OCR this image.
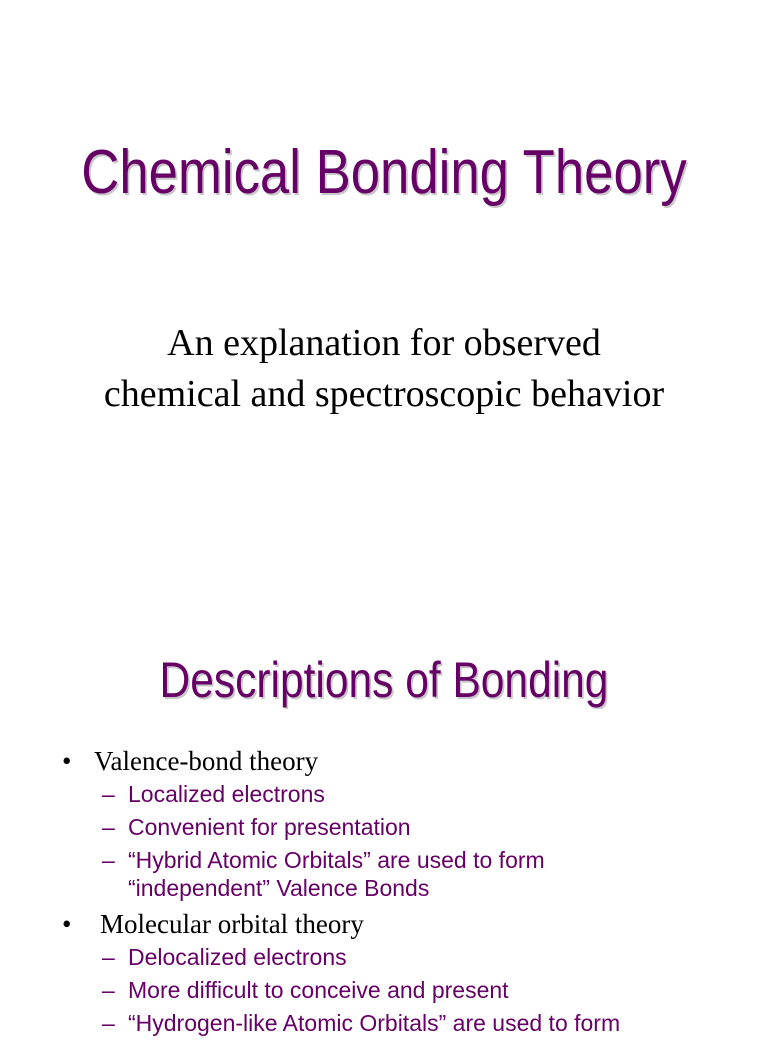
Chemical Bonding Theory

An explanation for observed
chemical and spectroscopic behavior

Descriptions of Bonding
• Valence-bond theory
– Localized electrons
– Convenient for presentation
– “Hybrid Atomic Orbitals” are used to form “independent” Valence Bonds
•	Molecular orbital theory
– Delocalized electrons
– More difficult to conceive and present
– “Hydrogen-like Atomic Orbitals” are used to form
